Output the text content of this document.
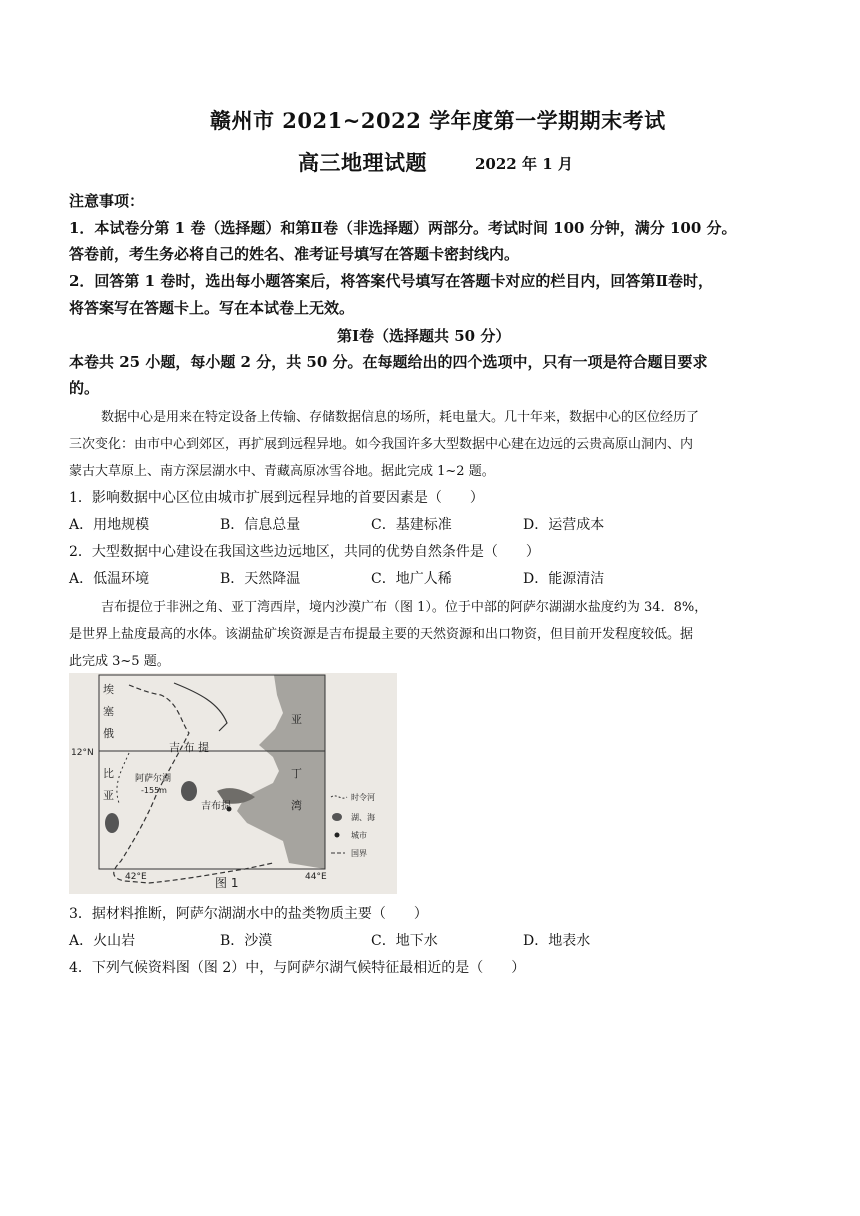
赣州市 2021~2022 学年度第一学期期末考试
高三地理试题	2022 年 1 月
注意事项：
1．本试卷分第 1 卷（选择题）和第Ⅱ卷（非选择题）两部分。考试时间 100 分钟，满分 100 分。
答卷前，考生务必将自己的姓名、准考证号填写在答题卡密封线内。
2．回答第 1 卷时，选出每小题答案后，将答案代号填写在答题卡对应的栏目内，回答第Ⅱ卷时，
将答案写在答题卡上。写在本试卷上无效。
第Ⅰ卷（选择题共 50 分）
本卷共 25 小题，每小题 2 分，共 50 分。在每题给出的四个选项中，只有一项是符合题目要求
的。
数据中心是用来在特定设备上传输、存储数据信息的场所，耗电量大。几十年来，数据中心的区位经历了
三次变化：由市中心到郊区，再扩展到远程异地。如今我国许多大型数据中心建在边远的云贵高原山洞内、内
蒙古大草原上、南方深层湖水中、青藏高原冰雪谷地。据此完成 1~2 题。
1．影响数据中心区位由城市扩展到远程异地的首要因素是（　　）
A．用地规模	B．信息总量	C．基建标准	D．运营成本
2．大型数据中心建设在我国这些边远地区，共同的优势自然条件是（　　）
A．低温环境	B．天然降温	C．地广人稀	D．能源清洁
吉布提位于非洲之角、亚丁湾西岸，境内沙漠广布（图 1）。位于中部的阿萨尔湖湖水盐度约为 34．8%，
是世界上盐度最高的水体。该湖盐矿埃资源是吉布提最主要的天然资源和出口物资，但目前开发程度较低。据
此完成 3~5 题。
埃
塞
俄
比
亚
12°N	吉 布 提
阿萨尔湖
-155m
吉布提
亚
丁
湾
时令河
湖、海
城市
国界
42°E	44°E
图 1
3．据材料推断，阿萨尔湖湖水中的盐类物质主要（　　）
A．火山岩	B．沙漠	C．地下水	D．地表水
4．下列气候资料图（图 2）中，与阿萨尔湖气候特征最相近的是（　　）
